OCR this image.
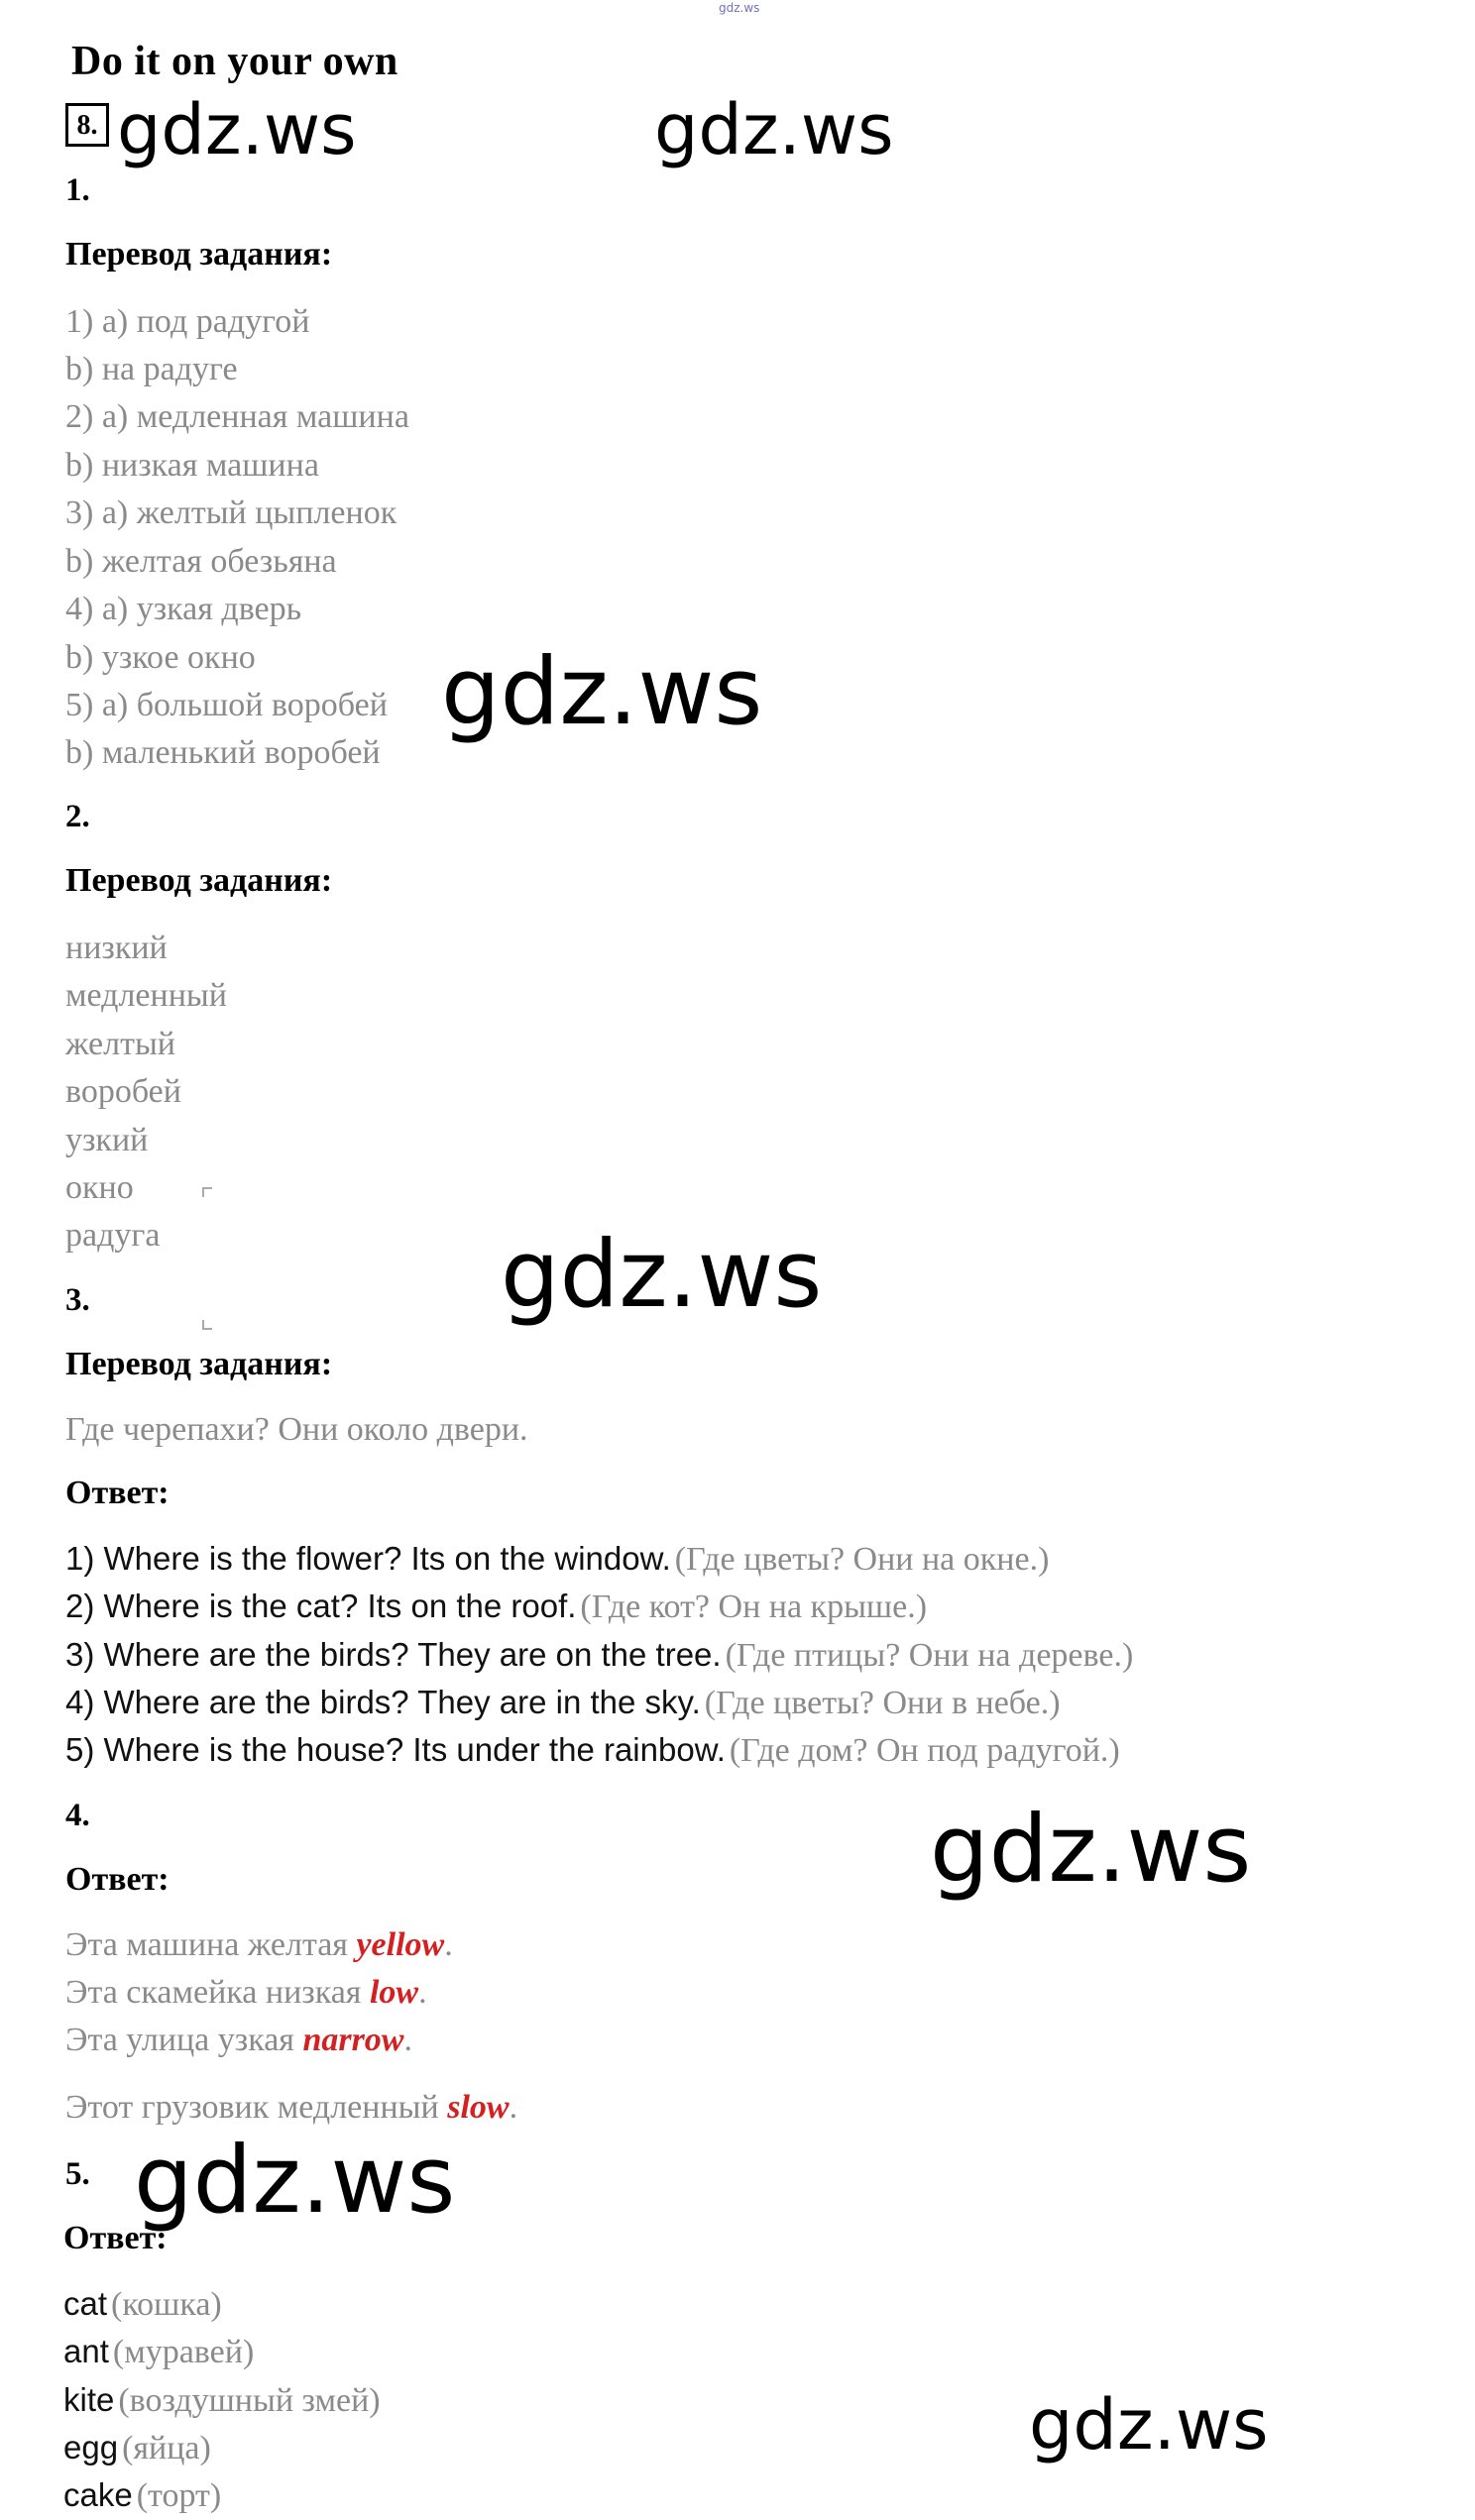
gdz.ws
Do it on your own
8. gdz.ws	gdz.ws
gdz.ws
gdz.ws
gdz.ws
gdz.ws
gdz.ws
1.
Перевод задания:
1) а) под радугой
b) на радуге
2) а) медленная машина
b) низкая машина
3) а) желтый цыпленок
b) желтая обезьяна
4) а) узкая дверь
b) узкое окно
5) а) большой воробей
b) маленький воробей
2.
Перевод задания:
низкий
медленный
желтый
воробей
узкий
окно
радуга
3.
Перевод задания:
Где черепахи? Они около двери.
Ответ:
1) Where is the flower? Its on the window. (Где цветы? Они на окне.)
2) Where is the cat? Its on the roof. (Где кот? Он на крыше.)
3) Where are the birds? They are on the tree. (Где птицы? Они на дереве.)
4) Where are the birds? They are in the sky. (Где цветы? Они в небе.)
5) Where is the house? Its under the rainbow. (Где дом? Он под радугой.)
4.
Ответ:
Эта машина желтая yellow.
Эта скамейка низкая low.
Эта улица узкая narrow.
Этот грузовик медленный slow.
5.
Ответ:
cat (кошка)
ant (муравей)
kite (воздушный змей)
egg (яйца)
cake (торт)
